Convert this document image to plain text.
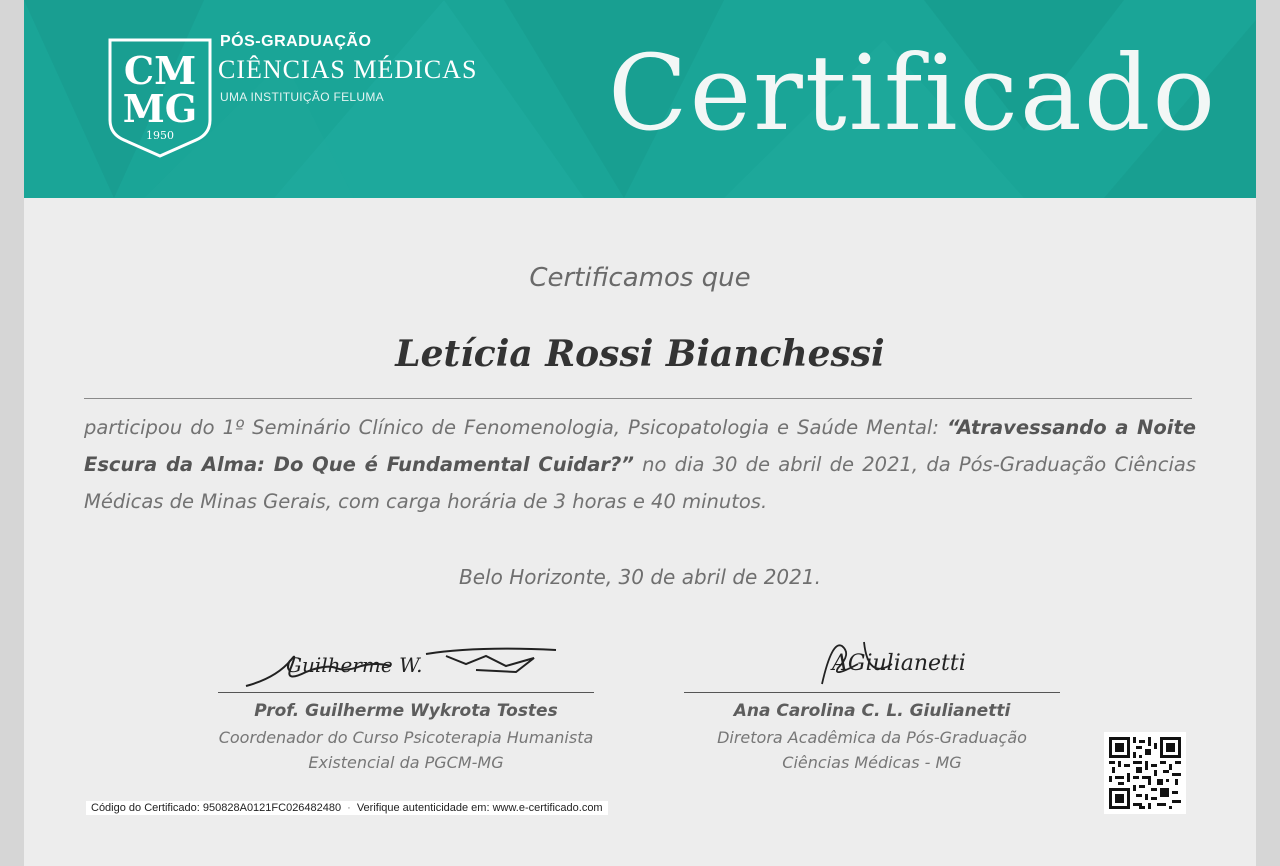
CM
MG
1950
PÓS-GRADUAÇÃO
CIÊNCIAS MÉDICAS
UMA INSTITUIÇÃO FELUMA Certificado
Certificamos que
Letícia Rossi Bianchessi

participou do 1º Seminário Clínico de Fenomenologia, Psicopatologia e Saúde Mental: “Atravessando a Noite Escura da Alma: Do Que é Fundamental Cuidar?” no dia 30 de abril de 2021, da Pós-Graduação Ciências Médicas de Minas Gerais, com carga horária de 3 horas e 40 minutos.

Belo Horizonte, 30 de abril de 2021.
Guilherme W.
Prof. Guilherme Wykrota Tostes
Coordenador do Curso Psicoterapia Humanista
Existencial da PGCM-MG
AGiulianetti
Ana Carolina C. L. Giulianetti
Diretora Acadêmica da Pós-Graduação
Ciências Médicas - MG
Código do Certificado: 950828A0121FC026482480 · Verifique autenticidade em: www.e-certificado.com
